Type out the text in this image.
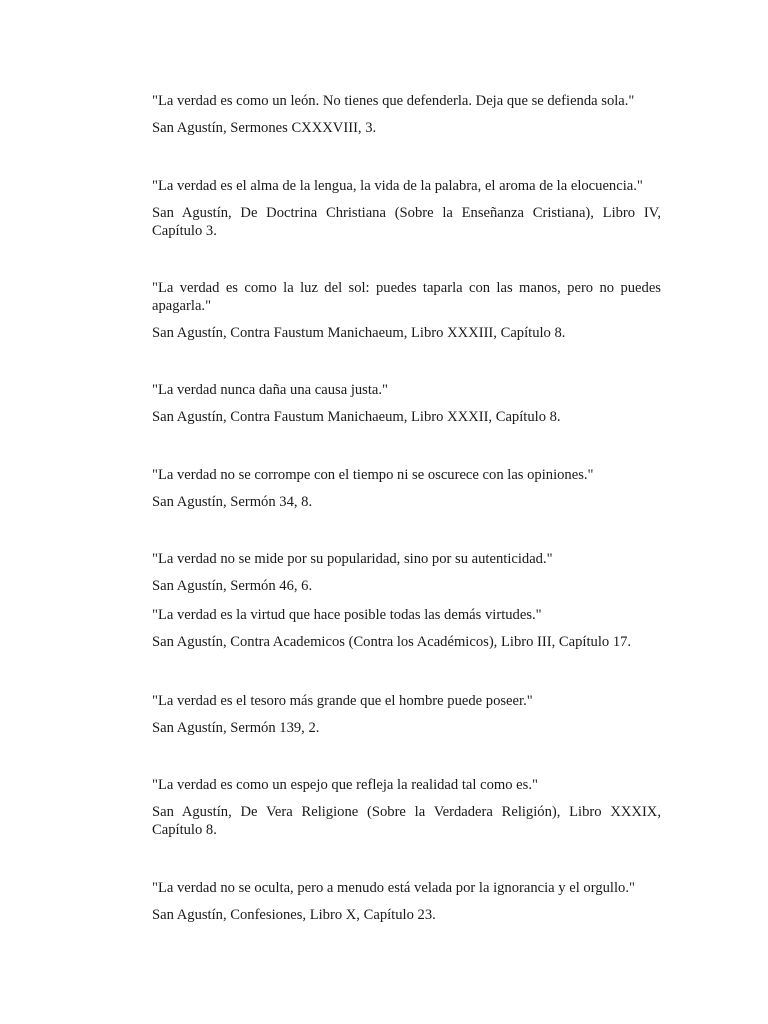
"La verdad es como un león. No tienes que defenderla. Deja que se defienda sola."

San Agustín, Sermones CXXXVIII, 3.

"La verdad es el alma de la lengua, la vida de la palabra, el aroma de la elocuencia."

San Agustín, De Doctrina Christiana (Sobre la Enseñanza Cristiana), Libro IV, Capítulo 3.

"La verdad es como la luz del sol: puedes taparla con las manos, pero no puedes apagarla."

San Agustín, Contra Faustum Manichaeum, Libro XXXIII, Capítulo 8.

"La verdad nunca daña una causa justa."

San Agustín, Contra Faustum Manichaeum, Libro XXXII, Capítulo 8.

"La verdad no se corrompe con el tiempo ni se oscurece con las opiniones."

San Agustín, Sermón 34, 8.

"La verdad no se mide por su popularidad, sino por su autenticidad."

San Agustín, Sermón 46, 6.

"La verdad es la virtud que hace posible todas las demás virtudes."

San Agustín, Contra Academicos (Contra los Académicos), Libro III, Capítulo 17.

"La verdad es el tesoro más grande que el hombre puede poseer."

San Agustín, Sermón 139, 2.

"La verdad es como un espejo que refleja la realidad tal como es."

San Agustín, De Vera Religione (Sobre la Verdadera Religión), Libro XXXIX, Capítulo 8.

"La verdad no se oculta, pero a menudo está velada por la ignorancia y el orgullo."

San Agustín, Confesiones, Libro X, Capítulo 23.
